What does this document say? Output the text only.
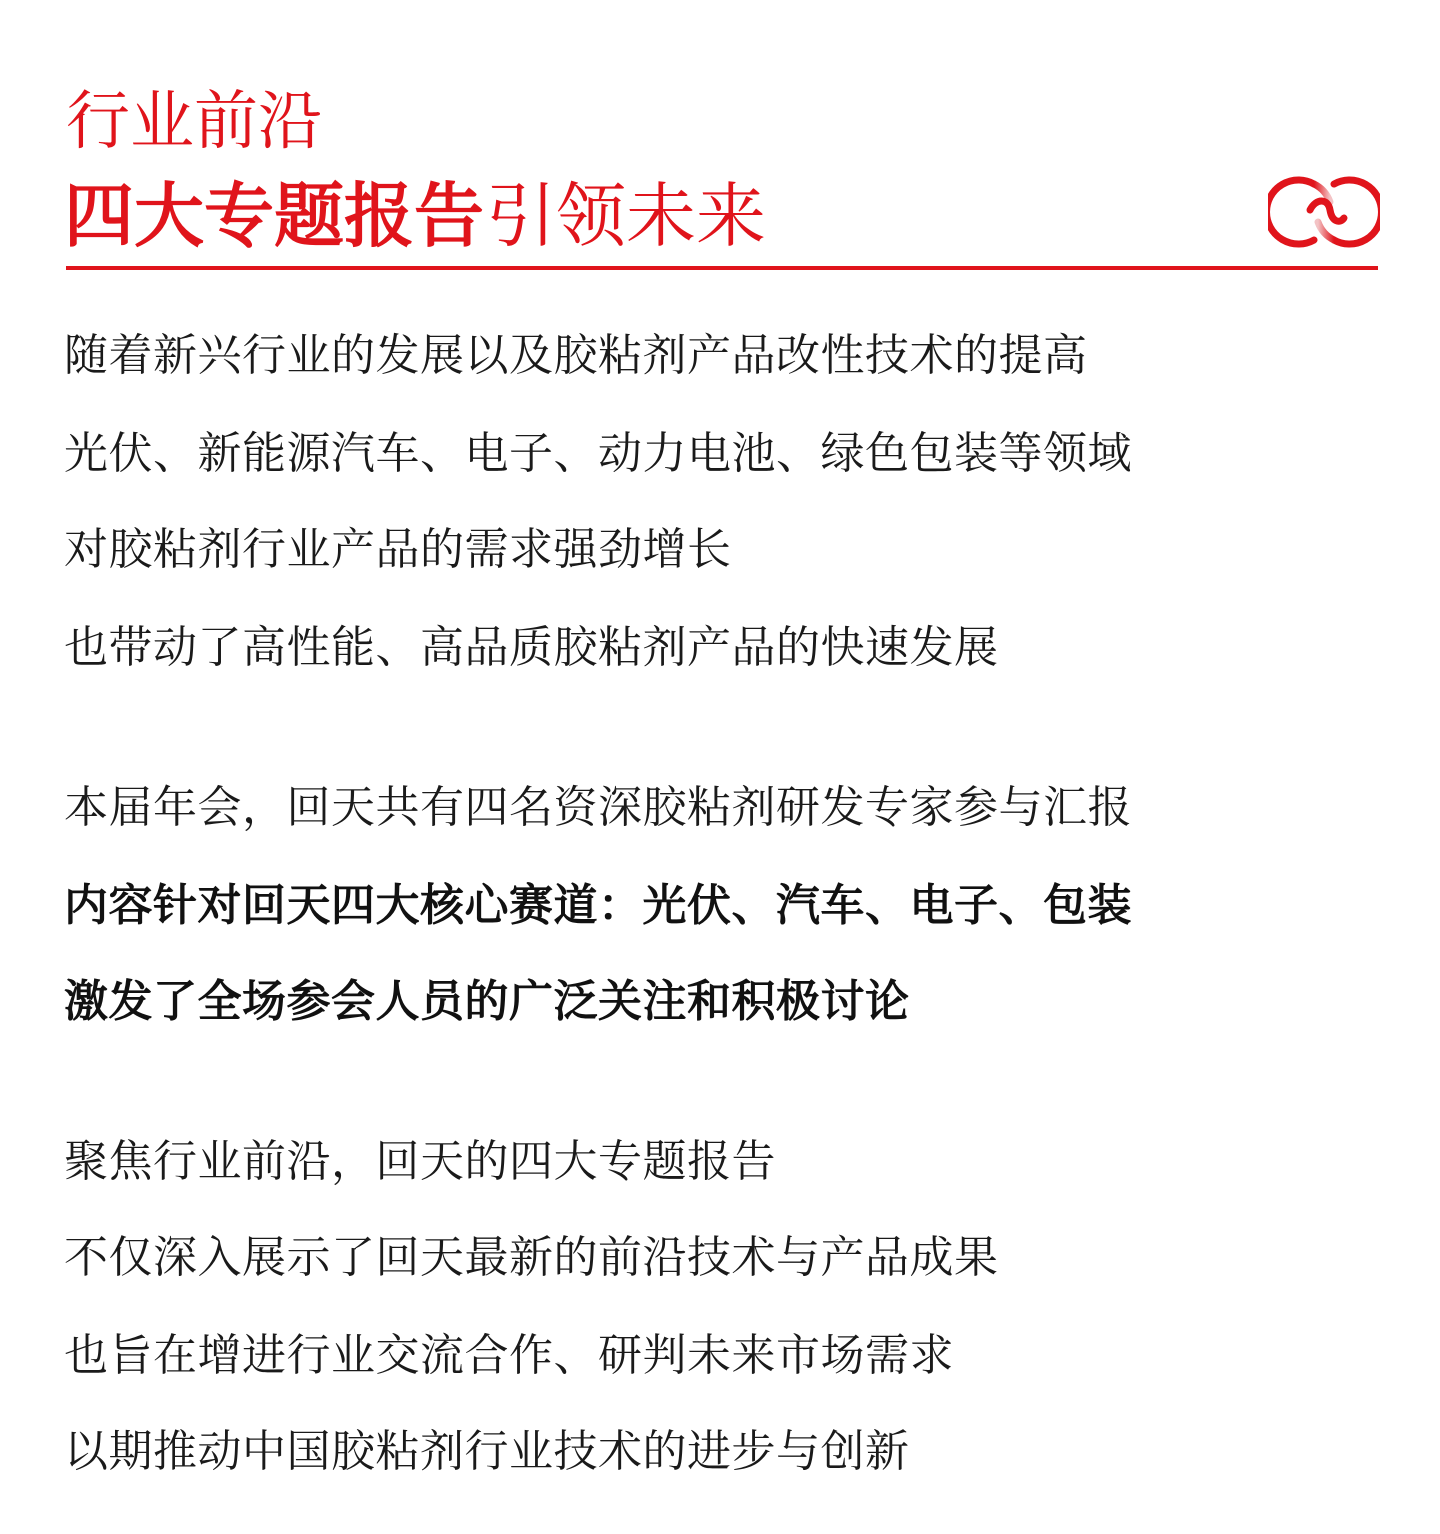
行业前沿
四大专题报告引领未来

随着新兴行业的发展以及胶粘剂产品改性技术的提高

光伏、新能源汽车、电子、动力电池、绿色包装等领域

对胶粘剂行业产品的需求强劲增长

也带动了高性能、高品质胶粘剂产品的快速发展

本届年会，回天共有四名资深胶粘剂研发专家参与汇报

内容针对回天四大核心赛道：光伏、汽车、电子、包装

激发了全场参会人员的广泛关注和积极讨论

聚焦行业前沿，回天的四大专题报告

不仅深入展示了回天最新的前沿技术与产品成果

也旨在增进行业交流合作、研判未来市场需求

以期推动中国胶粘剂行业技术的进步与创新
